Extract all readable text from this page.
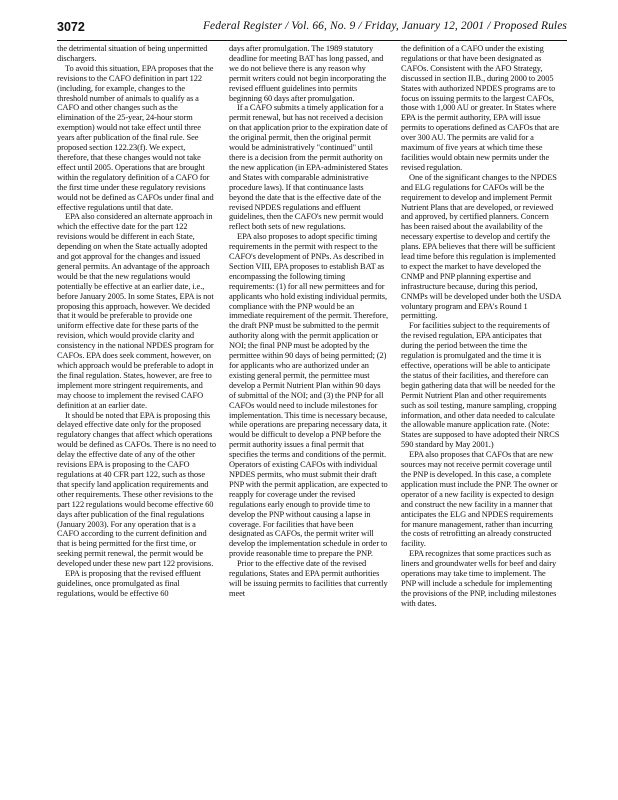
3072	Federal Register / Vol. 66, No. 9 / Friday, January 12, 2001 / Proposed Rules

the detrimental situation of being unpermitted dischargers.

To avoid this situation, EPA proposes that the revisions to the CAFO definition in part 122 (including, for example, changes to the threshold number of animals to qualify as a CAFO and other changes such as the elimination of the 25-year, 24-hour storm exemption) would not take effect until three years after publication of the final rule. See proposed section 122.23(f). We expect, therefore, that these changes would not take effect until 2005. Operations that are brought within the regulatory definition of a CAFO for the first time under these regulatory revisions would not be defined as CAFOs under final and effective regulations until that date.

EPA also considered an alternate approach in which the effective date for the part 122 revisions would be different in each State, depending on when the State actually adopted and got approval for the changes and issued general permits. An advantage of the approach would be that the new regulations would potentially be effective at an earlier date, i.e., before January 2005. In some States, EPA is not proposing this approach, however. We decided that it would be preferable to provide one uniform effective date for these parts of the revision, which would provide clarity and consistency in the national NPDES program for CAFOs. EPA does seek comment, however, on which approach would be preferable to adopt in the final regulation. States, however, are free to implement more stringent requirements, and may choose to implement the revised CAFO definition at an earlier date.

It should be noted that EPA is proposing this delayed effective date only for the proposed regulatory changes that affect which operations would be defined as CAFOs. There is no need to delay the effective date of any of the other revisions EPA is proposing to the CAFO regulations at 40 CFR part 122, such as those that specify land application requirements and other requirements. These other revisions to the part 122 regulations would become effective 60 days after publication of the final regulations (January 2003). For any operation that is a CAFO according to the current definition and that is being permitted for the first time, or seeking permit renewal, the permit would be developed under these new part 122 provisions.

EPA is proposing that the revised effluent guidelines, once promulgated as final regulations, would be effective 60

days after promulgation. The 1989 statutory deadline for meeting BAT has long passed, and we do not believe there is any reason why permit writers could not begin incorporating the revised effluent guidelines into permits beginning 60 days after promulgation.

If a CAFO submits a timely application for a permit renewal, but has not received a decision on that application prior to the expiration date of the original permit, then the original permit would be administratively "continued" until there is a decision from the permit authority on the new application (in EPA-administered States and States with comparable administrative procedure laws). If that continuance lasts beyond the date that is the effective date of the revised NPDES regulations and effluent guidelines, then the CAFO's new permit would reflect both sets of new regulations.

EPA also proposes to adopt specific timing requirements in the permit with respect to the CAFO's development of PNPs. As described in Section VIII, EPA proposes to establish BAT as encompassing the following timing requirements: (1) for all new permittees and for applicants who hold existing individual permits, compliance with the PNP would be an immediate requirement of the permit. Therefore, the draft PNP must be submitted to the permit authority along with the permit application or NOI; the final PNP must be adopted by the permittee within 90 days of being permitted; (2) for applicants who are authorized under an existing general permit, the permittee must develop a Permit Nutrient Plan within 90 days of submittal of the NOI; and (3) the PNP for all CAFOs would need to include milestones for implementation. This time is necessary because, while operations are preparing necessary data, it would be difficult to develop a PNP before the permit authority issues a final permit that specifies the terms and conditions of the permit. Operators of existing CAFOs with individual NPDES permits, who must submit their draft PNP with the permit application, are expected to reapply for coverage under the revised regulations early enough to provide time to develop the PNP without causing a lapse in coverage. For facilities that have been designated as CAFOs, the permit writer will develop the implementation schedule in order to provide reasonable time to prepare the PNP.

Prior to the effective date of the revised regulations, States and EPA permit authorities will be issuing permits to facilities that currently meet

the definition of a CAFO under the existing regulations or that have been designated as CAFOs. Consistent with the AFO Strategy, discussed in section II.B., during 2000 to 2005 States with authorized NPDES programs are to focus on issuing permits to the largest CAFOs, those with 1,000 AU or greater. In States where EPA is the permit authority, EPA will issue permits to operations defined as CAFOs that are over 300 AU. The permits are valid for a maximum of five years at which time these facilities would obtain new permits under the revised regulation.

One of the significant changes to the NPDES and ELG regulations for CAFOs will be the requirement to develop and implement Permit Nutrient Plans that are developed, or reviewed and approved, by certified planners. Concern has been raised about the availability of the necessary expertise to develop and certify the plans. EPA believes that there will be sufficient lead time before this regulation is implemented to expect the market to have developed the CNMP and PNP planning expertise and infrastructure because, during this period, CNMPs will be developed under both the USDA voluntary program and EPA's Round 1 permitting.

For facilities subject to the requirements of the revised regulation, EPA anticipates that during the period between the time the regulation is promulgated and the time it is effective, operations will be able to anticipate the status of their facilities, and therefore can begin gathering data that will be needed for the Permit Nutrient Plan and other requirements such as soil testing, manure sampling, cropping information, and other data needed to calculate the allowable manure application rate. (Note: States are supposed to have adopted their NRCS 590 standard by May 2001.)

EPA also proposes that CAFOs that are new sources may not receive permit coverage until the PNP is developed. In this case, a complete application must include the PNP. The owner or operator of a new facility is expected to design and construct the new facility in a manner that anticipates the ELG and NPDES requirements for manure management, rather than incurring the costs of retrofitting an already constructed facility.

EPA recognizes that some practices such as liners and groundwater wells for beef and dairy operations may take time to implement. The PNP will include a schedule for implementing the provisions of the PNP, including milestones with dates.
